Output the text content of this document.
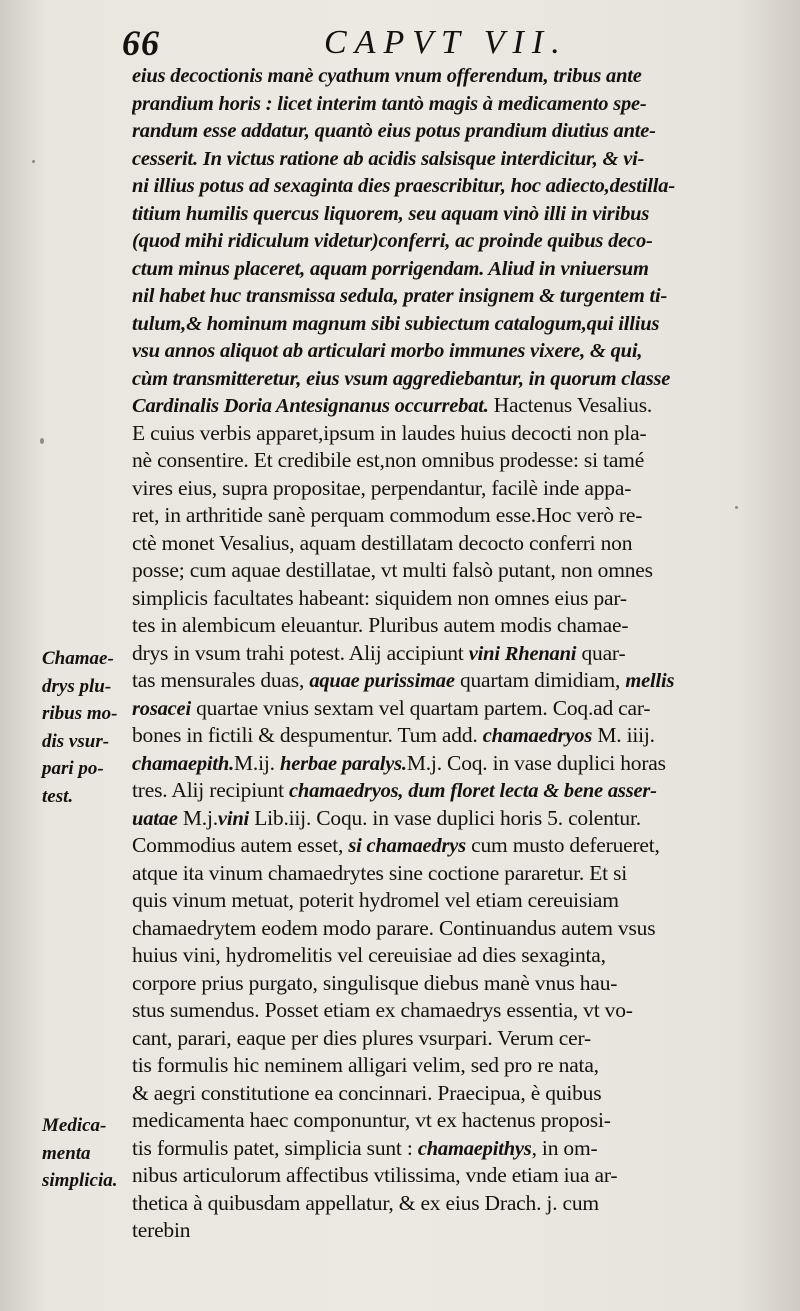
66	CAPVT VII.
eius decoctionis manè cyathum vnum offerendum, tribus ante
prandium horis : licet interim tantò magis à medicamento spe-
randum esse addatur, quantò eius potus prandium diutius ante-
cesserit. In victus ratione ab acidis salsisque interdicitur, & vi-
ni illius potus ad sexaginta dies praescribitur, hoc adiecto,destilla-
titium humilis quercus liquorem, seu aquam vinò illi in viribus
(quod mihi ridiculum videtur)conferri, ac proinde quibus deco-
ctum minus placeret, aquam porrigendam. Aliud in vniuersum
nil habet huc transmissa sedula, prater insignem & turgentem ti-
tulum,& hominum magnum sibi subiectum catalogum,qui illius
vsu annos aliquot ab articulari morbo immunes vixere, & qui,
cùm transmitteretur, eius vsum aggrediebantur, in quorum classe
Cardinalis Doria Antesignanus occurrebat. Hactenus Vesalius.
E cuius verbis apparet,ipsum in laudes huius decocti non pla-
nè consentire. Et credibile est,non omnibus prodesse: si tamé
vires eius, supra propositae, perpendantur, facilè inde appa-
ret, in arthritide sanè perquam commodum esse.Hoc verò re-
ctè monet Vesalius, aquam destillatam decocto conferri non
posse; cum aquae destillatae, vt multi falsò putant, non omnes
simplicis facultates habeant: siquidem non omnes eius par-
tes in alembicum eleuantur. Pluribus autem modis chamae-
drys in vsum trahi potest. Alij accipiunt vini Rhenani quar-
tas mensurales duas, aquae purissimae quartam dimidiam, mellis
rosacei quartae vnius sextam vel quartam partem. Coq.ad car-
bones in fictili & despumentur. Tum add. chamaedryos M. iiij.
chamaepith.M.ij. herbae paralys.M.j. Coq. in vase duplici horas
tres. Alij recipiunt chamaedryos, dum floret lecta & bene asser-
uatae M.j.vini Lib.iij. Coqu. in vase duplici horis 5. colentur.
Commodius autem esset, si chamaedrys cum musto deferueret,
atque ita vinum chamaedrytes sine coctione pararetur. Et si
quis vinum metuat, poterit hydromel vel etiam cereuisiam
chamaedrytem eodem modo parare. Continuandus autem vsus
huius vini, hydromelitis vel cereuisiae ad dies sexaginta,
corpore prius purgato, singulisque diebus manè vnus hau-
stus sumendus. Posset etiam ex chamaedrys essentia, vt vo-
cant, parari, eaque per dies plures vsurpari. Verum cer-
tis formulis hic neminem alligari velim, sed pro re nata,
& aegri constitutione ea concinnari. Praecipua, è quibus
medicamenta haec componuntur, vt ex hactenus proposi-
tis formulis patet, simplicia sunt : chamaepithys, in om-
nibus articulorum affectibus vtilissima, vnde etiam iua ar-
thetica à quibusdam appellatur, & ex eius Drach. j. cum
terebin
Chamae-
drys plu-
ribus mo-
dis vsur-
pari po-
test.
Medica-
menta
simplicia.
